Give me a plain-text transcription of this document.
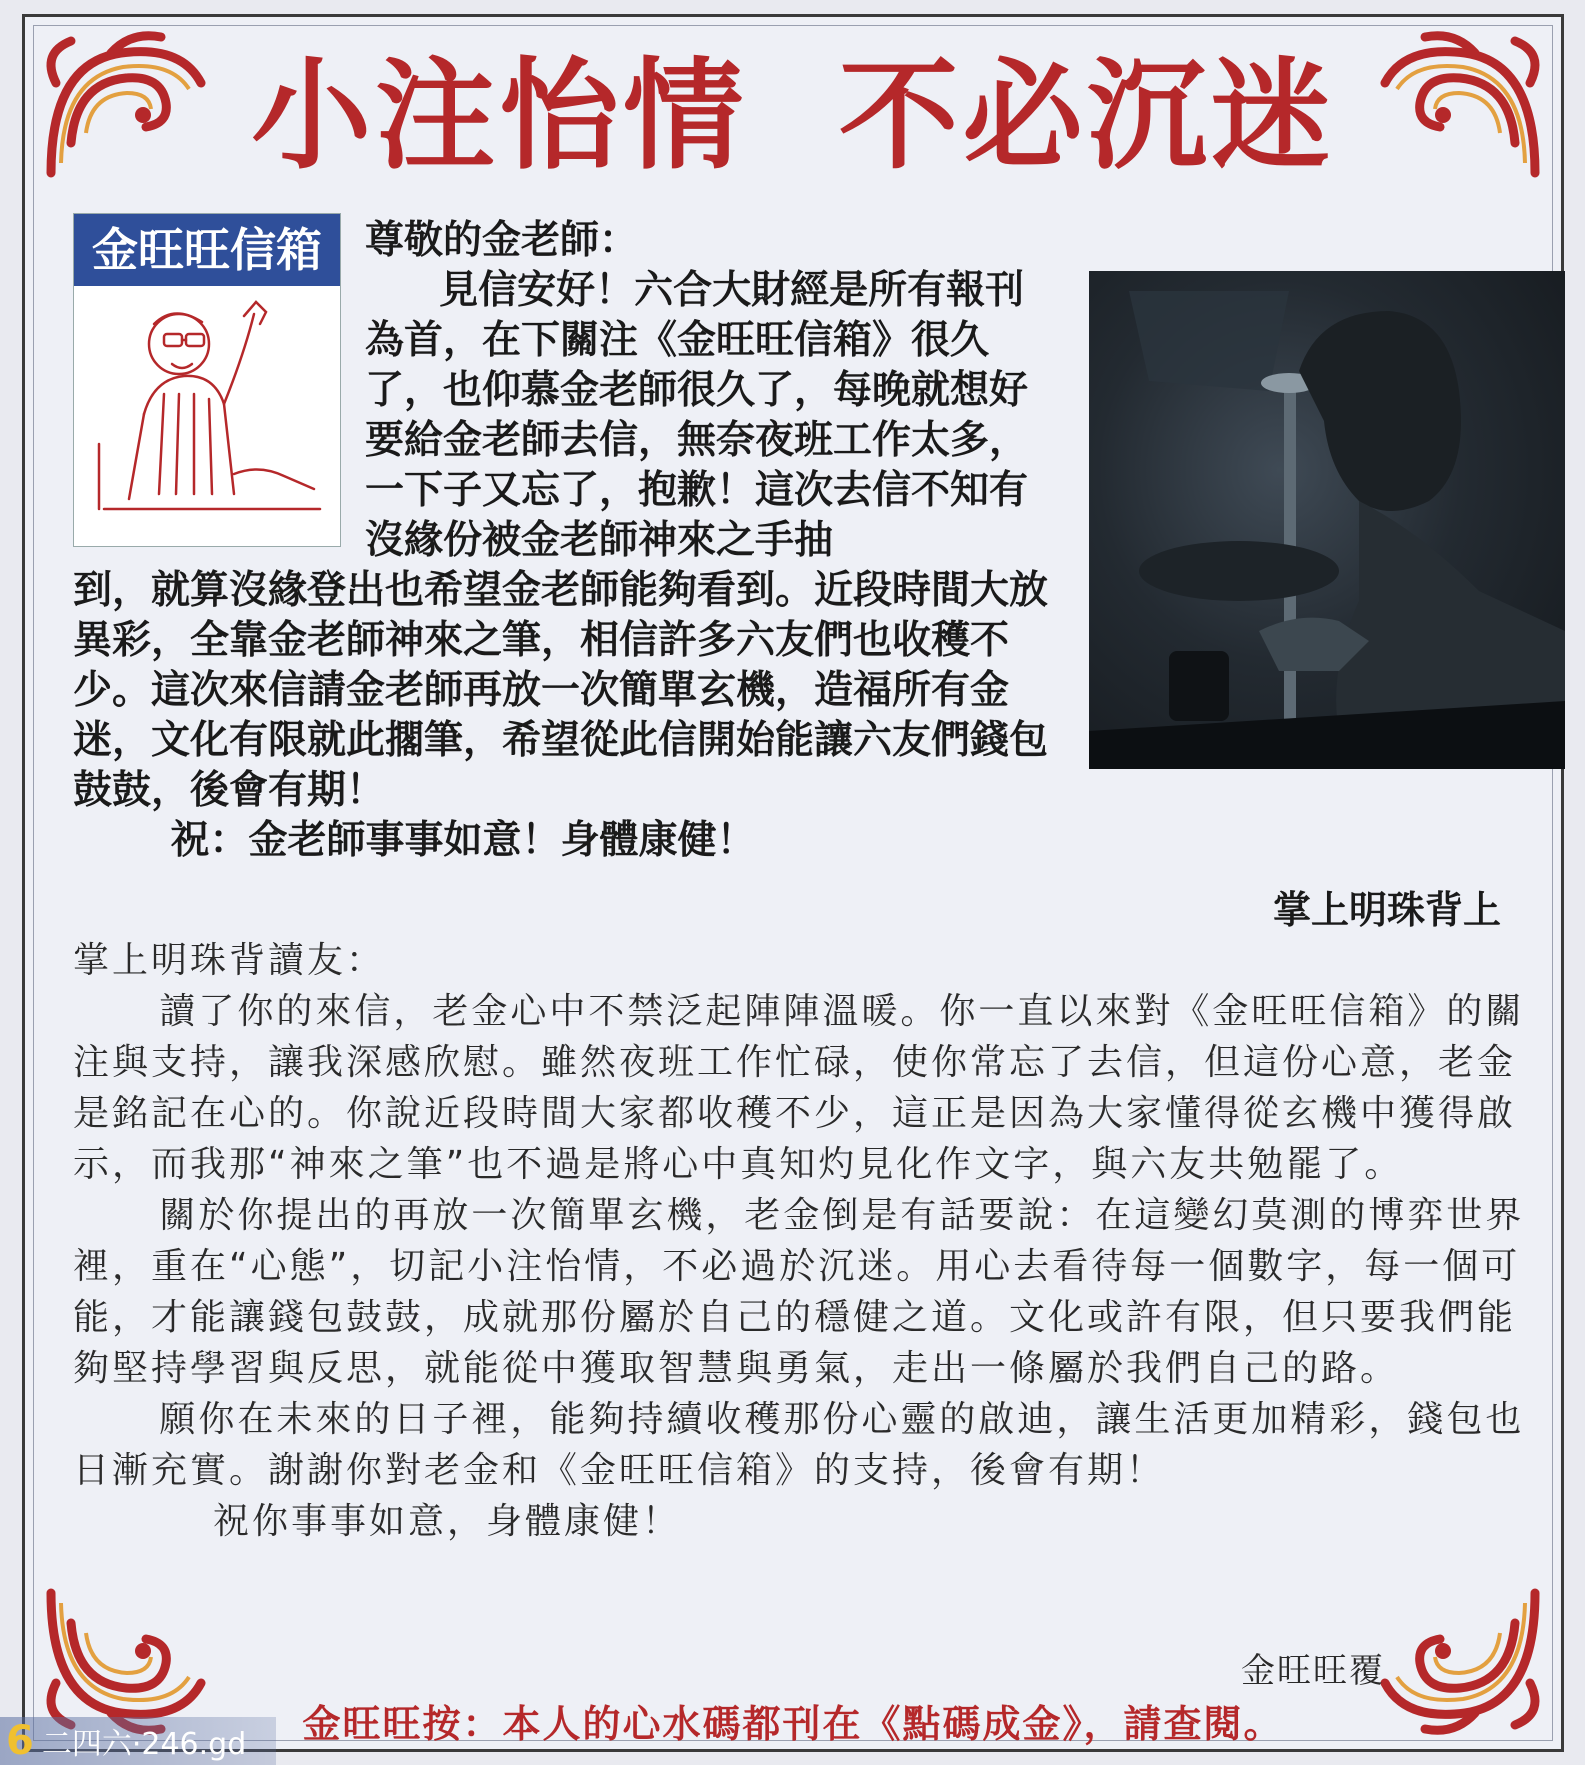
小注怡情  不必沉迷
金旺旺信箱	尊敬的金老師：

見信安好！六合大財經是所有報刊為首，在下關注《金旺旺信箱》很久了，也仰慕金老師很久了，每晚就想好要給金老師去信，無奈夜班工作太多，一下子又忘了，抱歉！這次去信不知有沒緣份被金老師神來之手抽

到，就算沒緣登出也希望金老師能夠看到。近段時間大放異彩，全靠金老師神來之筆，相信許多六友們也收穫不少。這次來信請金老師再放一次簡單玄機，造福所有金迷，文化有限就此擱筆，希望從此信開始能讓六友們錢包鼓鼓，後會有期！

祝：金老師事事如意！身體康健！

掌上明珠背上

掌上明珠背讀友：

讀了你的來信，老金心中不禁泛起陣陣溫暖。你一直以來對《金旺旺信箱》的關注與支持，讓我深感欣慰。雖然夜班工作忙碌，使你常忘了去信，但這份心意，老金是銘記在心的。你說近段時間大家都收穫不少，這正是因為大家懂得從玄機中獲得啟示，而我那“神來之筆”也不過是將心中真知灼見化作文字，與六友共勉罷了。

關於你提出的再放一次簡單玄機，老金倒是有話要說：在這變幻莫測的博弈世界裡，重在“心態”，切記小注怡情，不必過於沉迷。用心去看待每一個數字，每一個可能，才能讓錢包鼓鼓，成就那份屬於自己的穩健之道。文化或許有限，但只要我們能夠堅持學習與反思，就能從中獲取智慧與勇氣，走出一條屬於我們自己的路。

願你在未來的日子裡，能夠持續收穫那份心靈的啟迪，讓生活更加精彩，錢包也日漸充實。謝謝你對老金和《金旺旺信箱》的支持，後會有期！

祝你事事如意，身體康健！

金旺旺覆
金旺旺按：本人的心水碼都刊在《點碼成金》，請查閱。
6 二四六·246.gd
